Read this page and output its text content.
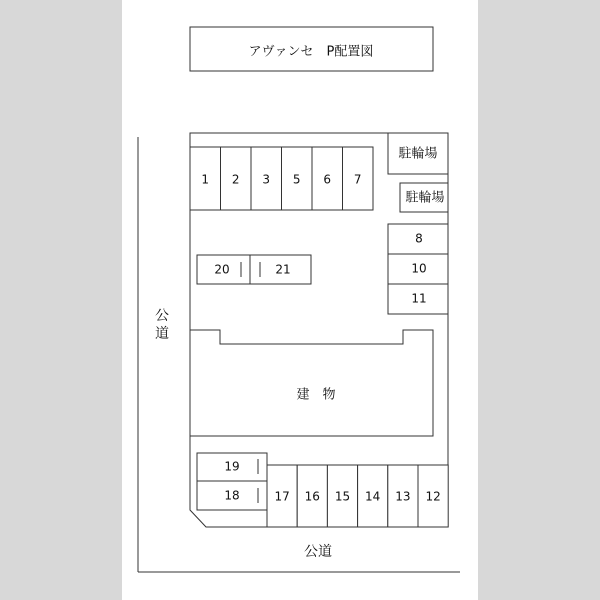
アヴァンセ　P配置図
公
道
公道
建　物
駐輪場
駐輪場
1 2 3 5 6 7
20	21
8
10
11
19
18	17 16 15 14 13 12
